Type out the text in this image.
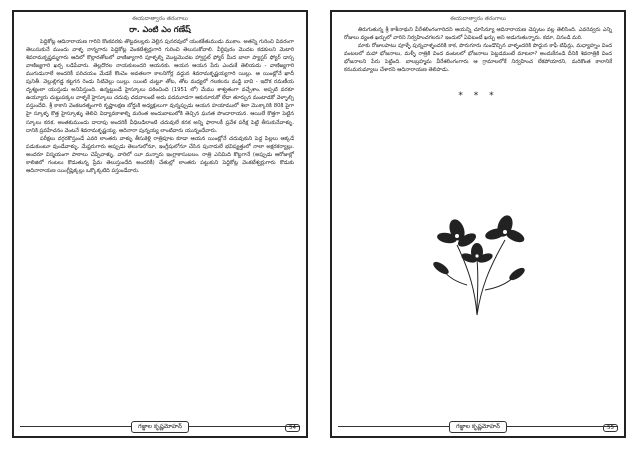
ఈయదాత్వారం తరంగాలు
రా. ఎంటి ఎం గణేష్

పెద్దికోట్ల ఆదినారాయణ గారిని కొంకవరకు తొట్టవలల్లరు వెల్లిన పునరవులో యంకకేతుముడు ముకాం. అతన్ని గురించి వివరంగా తెలుసుకునే ముందు వాళ్ళ నాన్నగారు పెద్దికోట్ల వెంకటేశ్వర్లుగారి గురించి తెలుసుకోవాలి. వీర్దిపురం మొదట కడకులని మెటారి శివరామకృష్ణమ్మగారు ఆదిలో కొల్లారతోటలో వాణిజ్యాగారి పూళ్ళల్ని మొట్టమొదట హ్వాస్టల్ ఫ్యోర్ మీద బాలా ప్యాస్టర్ ఫ్యోర్ డాస్స వాణిజ్యగారి ఖర్చ లడిపేవారు. తెల్లదొరల నాయకులందరి ఆయనకు. ఆయన ఆయన పేరు ఎందుకే తెలియదు - వాణిజ్యగారి ముగుడునాలే అందరికీ పరిచయం మేడకే కొంచెం అవతలగా కాలనిగోర్ల వద్దున శివరామకృష్ణయ్యగారి యిల్లు. ఆ యింట్లోనే ఖాదీ పునితీ. వెల్లుల్లిగడ్డ కట్టగన రెండు సిటివెల్లు యిల్లు. యింటి చుట్టూ తోట, తోట మధ్యలో గలకలను మడ్డి బావి - ఇదొక రమణీయ దృశ్యంలా యుస్తుడు అనిపిస్తుంది. ఉన్నట్టుండే హైస్కూలు పఠించింది (1951 లో) మేము శాశ్వతంగా వచ్చేశాం. అప్పటి వరకూ ఉయ్యూరు చుట్టుపక్కల వాళ్ళకే హైస్కూలు చదువు చదవాలంటే అదు పదమూడగా ఆకునూరుకో లేదా తూర్పున మంటాడకో వెళ్ళాల్సి వస్తుందేది. శ్రీ కాకాని వెంకటరత్నంగారి కృష్ణాలక్షణ బోర్డుకి అధ్యక్షులుగా వున్నప్పుడు ఆయన హయాములో శిలా మొక్కారికి 80కి పైగా హై స్కూళ్ళ కొత్త హైస్కూళ్ళు తెలిచి విద్యావకాశాల్ని మరింత అందుబాటులోకి తెచ్చిన ఘనత పొందారాయన. ఆయిలే కొత్తగా పెట్టిన స్కూలు కనక, అంతకుముందు దాదాపు అందరికీ వీధిబడిలాంటి చదువులే కనక అన్ని ఫారాలకీ ప్రవేశ పరీక్ష పెట్టి తీసుకునేవాళ్ళు. దానికి ప్రవహేచనం వెంటనే శివరామకృష్ణయ్య. ఆదినారా పున్నయ్య లాంటివారు యున్నందేవారు.

పరీక్షలు దగ్గరకొస్తుండే ఎవరి లాంతరు వాళ్ళు తీసుకెళ్లి రాత్రిపూట కూడా ఆయన యింట్లోనే చదువుకుని పెద్ద పిల్లలు ఆక్కడే పడుకుంటూ వుండేవాళ్ళు. మేష్టరుగారు అప్పుడు తెలుగులోనూ, ఇంగ్లీషులోనూ చేసిన పునాదులే భవిష్యత్తులో నాలా అక్షరకర్యాల్లు. అందరూ విస్మయంగా పాఠాలు చెప్పేవాళ్ళు, వారిలో యీ మన్నారు ఇంగ్లాకాసుబలం. రాత్రి ఎనిమిది కొట్టగానే (అప్పుడు ఆరోజుల్లో కాలిజిలో గంటలు కొడుతున్న ప్రేమ తెలుస్తుందేది అందరికీ) చేతుల్లో లాంతరు పట్టుకుని పెద్దికోట్ల వెంకటేశ్వర్లుగారు కొడుకు ఆదినారాయణ యింగ్లీష్లెక్కల్లు ఒక్కొక్కటిది పస్తుండేవారు.

గజ్జాల కృష్ణమోహన్	54
ఈయదాత్వారం తరంగాలు

తిరుగుతున్న శ్రీ కాశీనాథుని వీరేశలింగంగారిదని ఆయన్ని చూసిన్యూ ఆదినారాయణ చెప్పటం వల్ల తెలిసింది. ఎవరెవ్వరు ఎన్ని రోజులు వ్యంత ఖర్చులో వారిని నిర్వహించగలరు? ఇందులో ఏవిటంటే ఖర్చు అని అడుగుతున్నారు. కదూ, వినండి మరి.

మాకు రోజులపాటు పూళ్ళే పున్నవాళ్ళందరికి కాక, పొరుగూరు నుండొచ్చిన వాళ్ళందరికి పొద్దున కాఫీ టిఫిన్లు, మధ్యాహ్నం వింద వంటలలో మహా భోజనాలు, మళ్ళీ రాత్రికి వింద వంటలలో భోజనాలు పెట్టడమంటే మాటలా? అందుకేనండి దీనికి శివరాత్రికి వింద భోజనాలని పేరు పెట్టింది. బాలబ్రహ్మమ వీరేశలింగంగారు ఆ గ్రామాలలోకే నిర్వహించ లేకపోయారని, మరికొంత కాలానికే కనుమరుమ్యాలు చేశారని ఆదినారాయణ తెలిపాడు.

* * *
గజ్జాల కృష్ణమోహన్	55
